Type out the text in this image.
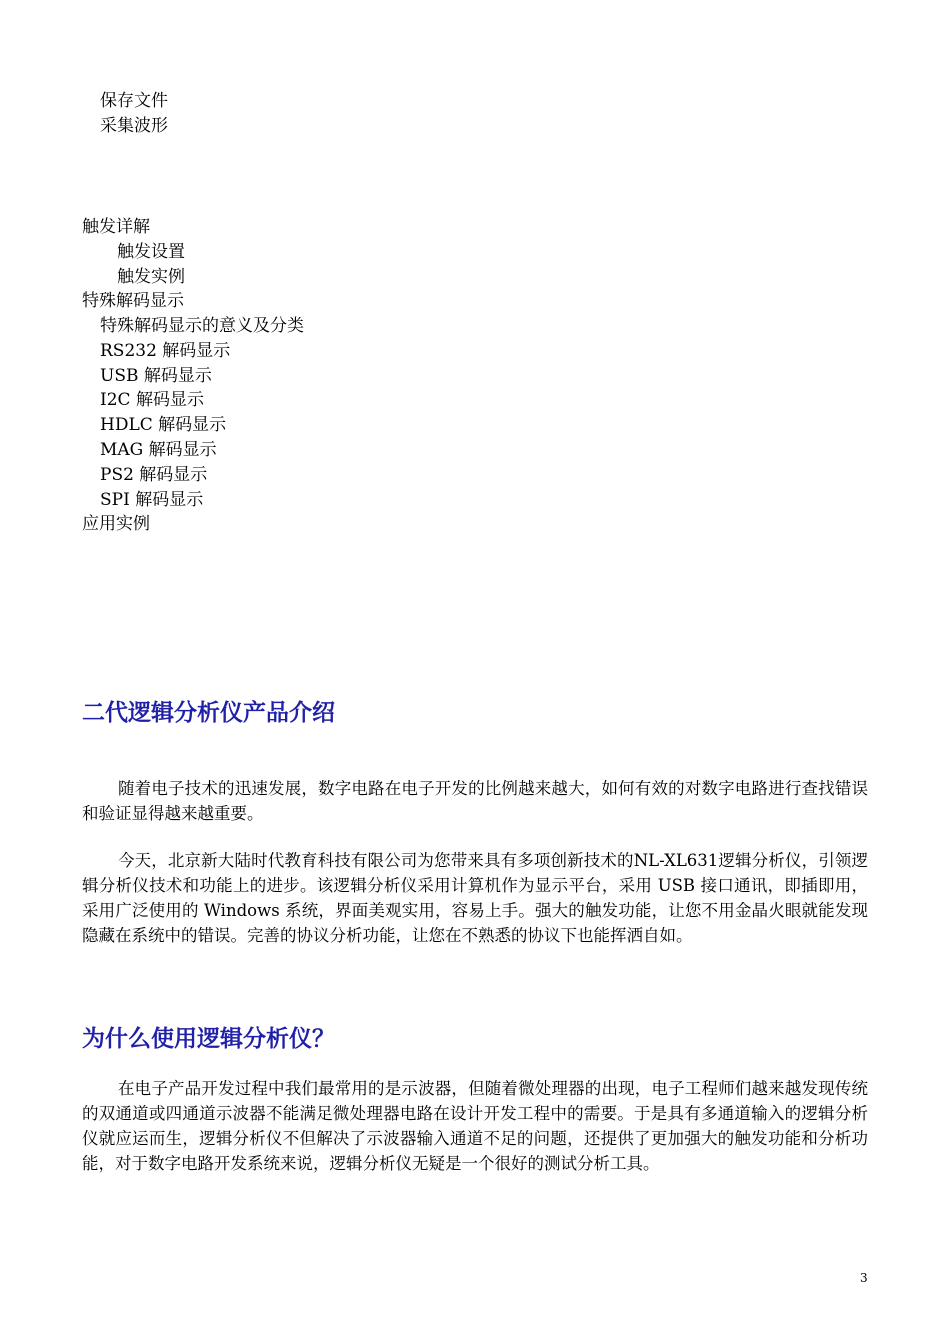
保存文件
采集波形
触发详解
触发设置
触发实例
特殊解码显示
特殊解码显示的意义及分类
RS232 解码显示
USB 解码显示
I2C 解码显示
HDLC 解码显示
MAG 解码显示
PS2 解码显示
SPI 解码显示
应用实例
二代逻辑分析仪产品介绍

随着电子技术的迅速发展，数字电路在电子开发的比例越来越大，如何有效的对数字电路进行查找错误和验证显得越来越重要。

今天，北京新大陆时代教育科技有限公司为您带来具有多项创新技术的NL-XL631逻辑分析仪，引领逻辑分析仪技术和功能上的进步。该逻辑分析仪采用计算机作为显示平台，采用 USB 接口通讯，即插即用，采用广泛使用的 Windows 系统，界面美观实用，容易上手。强大的触发功能，让您不用金晶火眼就能发现隐藏在系统中的错误。完善的协议分析功能，让您在不熟悉的协议下也能挥洒自如。

为什么使用逻辑分析仪？

在电子产品开发过程中我们最常用的是示波器，但随着微处理器的出现，电子工程师们越来越发现传统的双通道或四通道示波器不能满足微处理器电路在设计开发工程中的需要。于是具有多通道输入的逻辑分析仪就应运而生，逻辑分析仪不但解决了示波器输入通道不足的问题，还提供了更加强大的触发功能和分析功能，对于数字电路开发系统来说，逻辑分析仪无疑是一个很好的测试分析工具。

3
